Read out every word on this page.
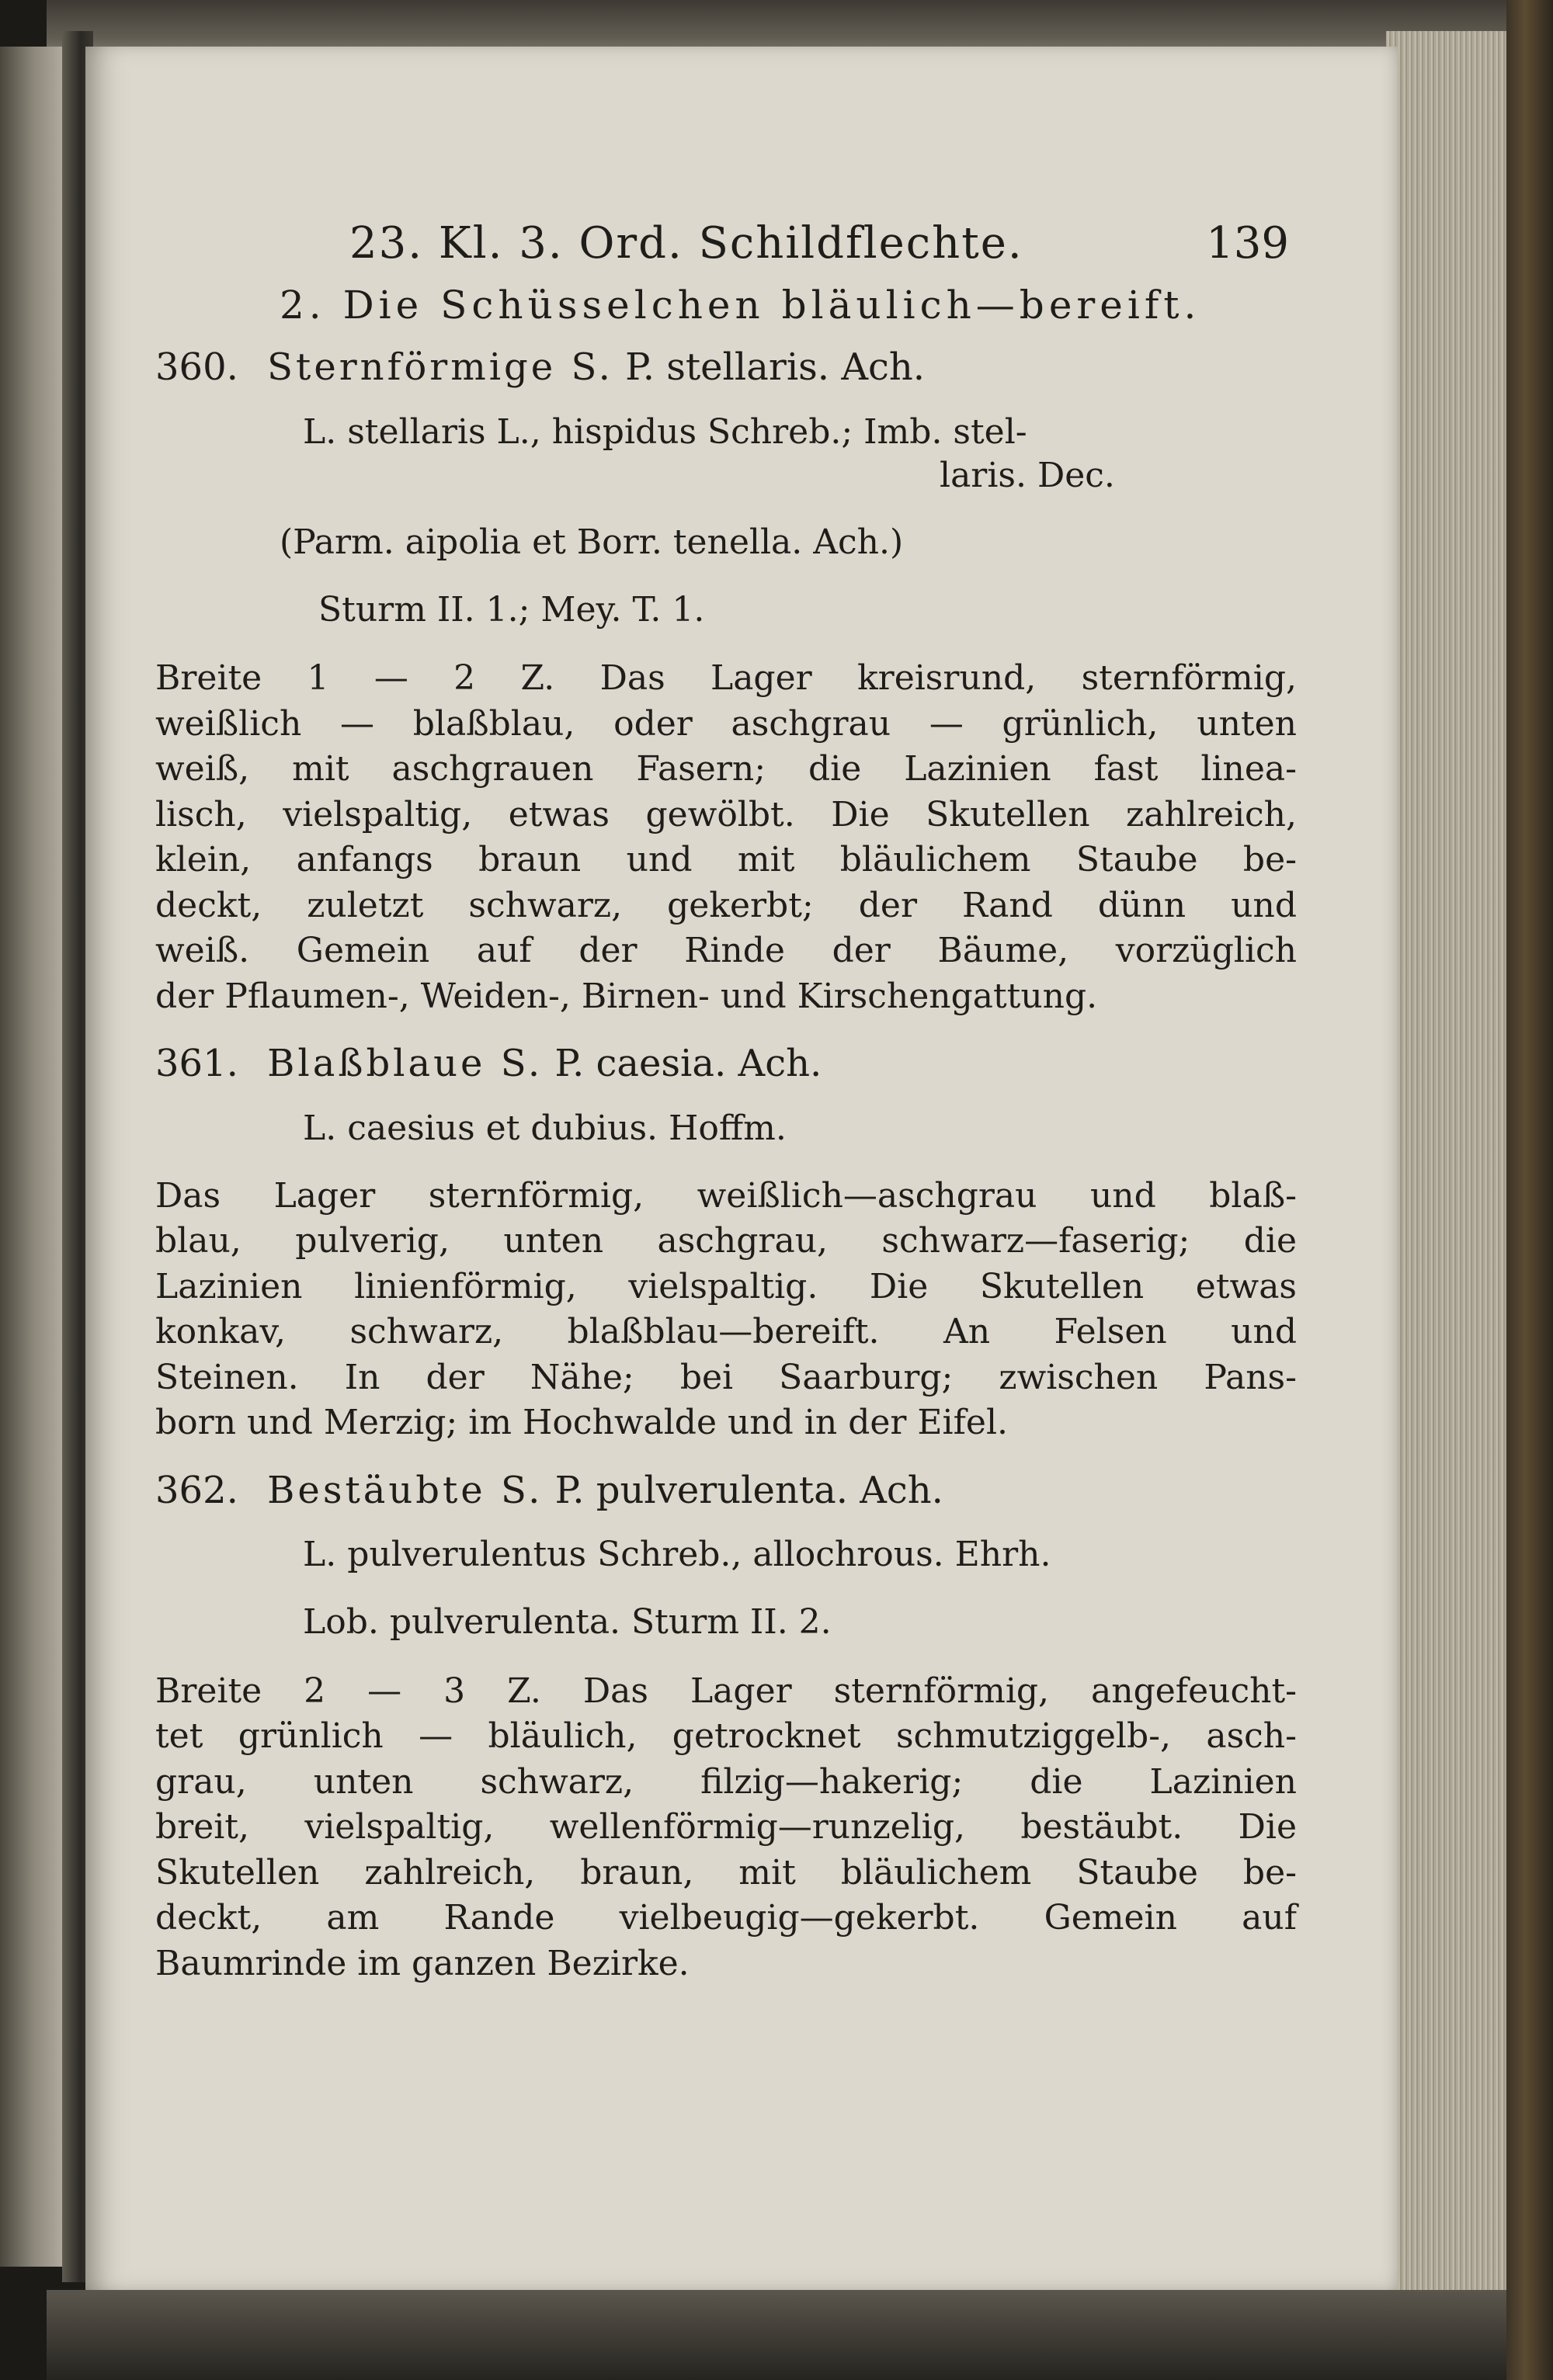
23. Kl. 3. Ord. Schildflechte.	139
2. Die Schüsselchen bläulich—bereift.
360. Sternförmige S. P. stellaris. Ach.
L. stellaris L., hispidus Schreb.; Imb. stel-
laris. Dec.
(Parm. aipolia et Borr. tenella. Ach.)
Sturm II. 1.; Mey. T. 1.
Breite 1 — 2 Z. Das Lager kreisrund, sternförmig,
weißlich — blaßblau, oder aschgrau — grünlich, unten
weiß, mit aschgrauen Fasern; die Lazinien fast linea-
lisch, vielspaltig, etwas gewölbt. Die Skutellen zahlreich,
klein, anfangs braun und mit bläulichem Staube be-
deckt, zuletzt schwarz, gekerbt; der Rand dünn und
weiß. Gemein auf der Rinde der Bäume, vorzüglich
der Pflaumen-, Weiden-, Birnen- und Kirschengattung.
361. Blaßblaue S. P. caesia. Ach.
L. caesius et dubius. Hoffm.
Das Lager sternförmig, weißlich—aschgrau und blaß-
blau, pulverig, unten aschgrau, schwarz—faserig; die
Lazinien linienförmig, vielspaltig. Die Skutellen etwas
konkav, schwarz, blaßblau—bereift. An Felsen und
Steinen. In der Nähe; bei Saarburg; zwischen Pans-
born und Merzig; im Hochwalde und in der Eifel.
362. Bestäubte S. P. pulverulenta. Ach.
L. pulverulentus Schreb., allochrous. Ehrh.
Lob. pulverulenta. Sturm II. 2.
Breite 2 — 3 Z. Das Lager sternförmig, angefeucht-
tet grünlich — bläulich, getrocknet schmutziggelb-, asch-
grau, unten schwarz, filzig—hakerig; die Lazinien
breit, vielspaltig, wellenförmig—runzelig, bestäubt. Die
Skutellen zahlreich, braun, mit bläulichem Staube be-
deckt, am Rande vielbeugig—gekerbt. Gemein auf
Baumrinde im ganzen Bezirke.
